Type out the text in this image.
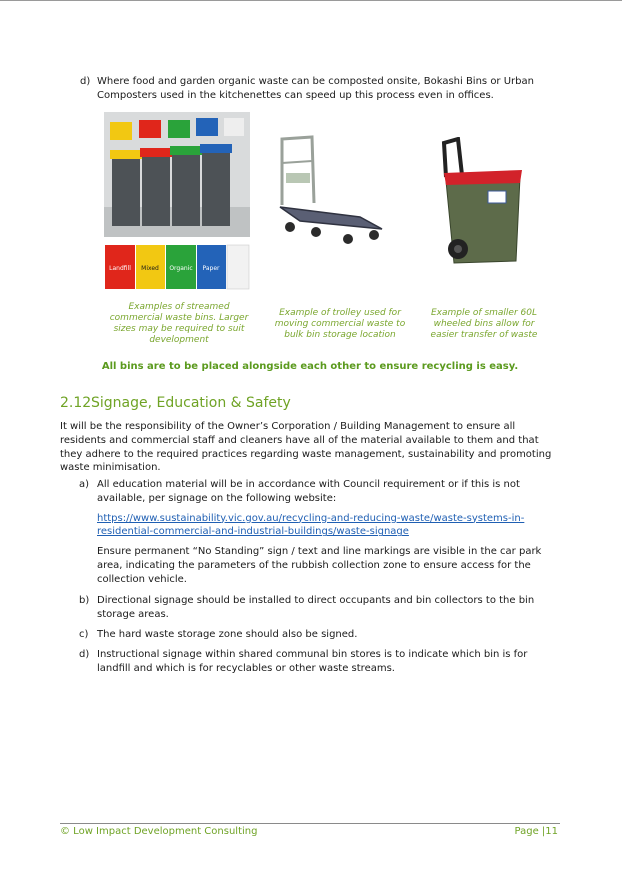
d) Where food and garden organic waste can be composted onsite, Bokashi Bins or Urban Composters used in the kitchenettes can speed up this process even in offices.
Landfill Mixed Organic Paper
Examples of streamed commercial waste bins. Larger sizes may be required to suit development
Example of trolley used for moving commercial waste to bulk bin storage location
Example of smaller 60L wheeled bins allow for easier transfer of waste
All bins are to be placed alongside each other to ensure recycling is easy.
2.12Signage, Education & Safety

It will be the responsibility of the Owner’s Corporation / Building Management to ensure all residents and commercial staff and cleaners have all of the material available to them and that they adhere to the required practices regarding waste management, sustainability and promoting waste minimisation.

a) All education material will be in accordance with Council requirement or if this is not available, per signage on the following website:

https://www.sustainability.vic.gov.au/recycling-and-reducing-waste/waste-systems-in-residential-commercial-and-industrial-buildings/waste-signage

Ensure permanent “No Standing” sign / text and line markings are visible in the car park area, indicating the parameters of the rubbish collection zone to ensure access for the collection vehicle.

b) Directional signage should be installed to direct occupants and bin collectors to the bin storage areas.

c) The hard waste storage zone should also be signed.

d) Instructional signage within shared communal bin stores is to indicate which bin is for landfill and which is for recyclables or other waste streams.

© Low Impact Development Consulting	Page |11
